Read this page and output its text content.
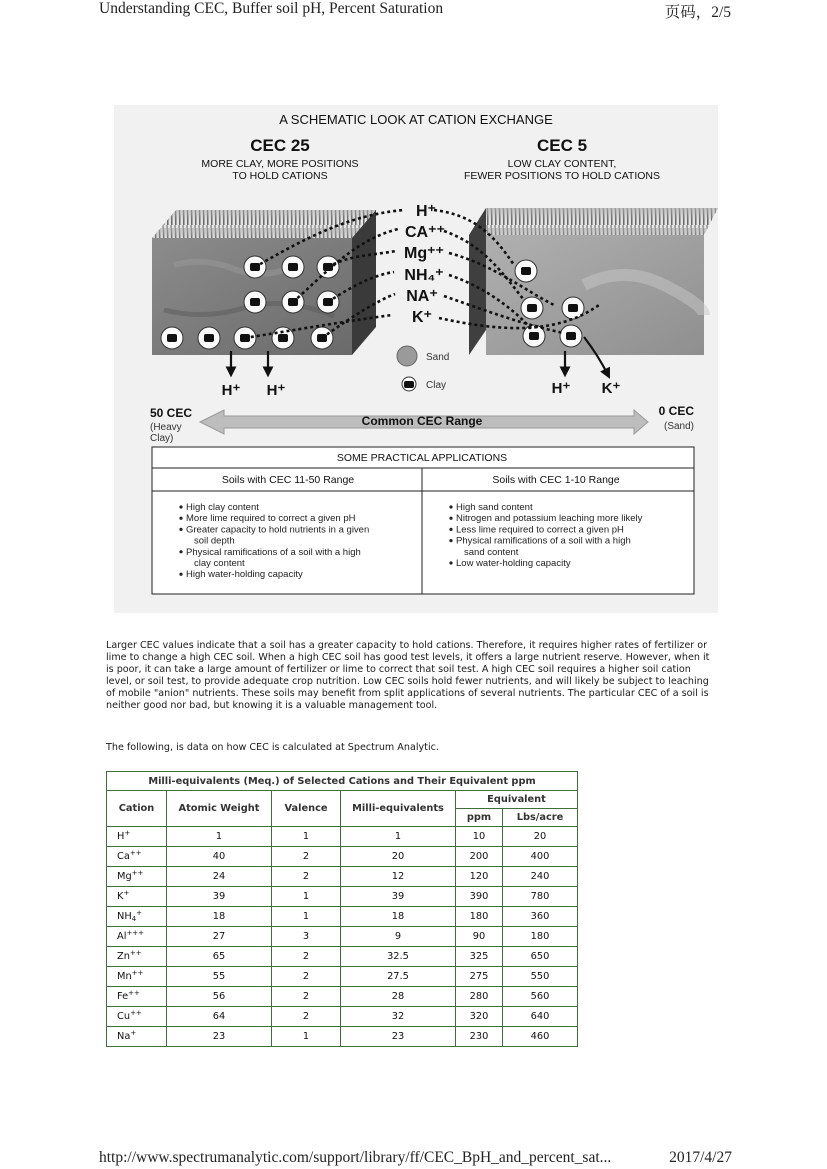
Understanding CEC, Buffer soil pH, Percent Saturation	页码，2/5
A SCHEMATIC LOOK AT CATION EXCHANGE
CEC 25
MORE CLAY, MORE POSITIONS
TO HOLD CATIONS
CEC 5
LOW CLAY CONTENT,
FEWER POSITIONS TO HOLD CATIONS
H⁺
CA⁺⁺
Mg⁺⁺
NH₄⁺
NA⁺
K⁺
H⁺ H⁺	H⁺ K⁺
Sand
Clay
50 CEC
(Heavy
Clay)
Common CEC Range
0 CEC
(Sand)
SOME PRACTICAL APPLICATIONS
Soils with CEC 11-50 Range	Soils with CEC 1-10 Range
High clay content
More lime required to correct a given pH
Greater capacity to hold nutrients in a given
soil depth
Physical ramifications of a soil with a high
clay content
High water-holding capacity
High sand content
Nitrogen and potassium leaching more likely
Less lime required to correct a given pH
Physical ramifications of a soil with a high
sand content
Low water-holding capacity

Larger CEC values indicate that a soil has a greater capacity to hold cations. Therefore, it requires higher rates of fertilizer or lime to change a high CEC soil. When a high CEC soil has good test levels, it offers a large nutrient reserve. However, when it is poor, it can take a large amount of fertilizer or lime to correct that soil test. A high CEC soil requires a higher soil cation level, or soil test, to provide adequate crop nutrition. Low CEC soils hold fewer nutrients, and will likely be subject to leaching of mobile "anion" nutrients. These soils may benefit from split applications of several nutrients. The particular CEC of a soil is neither good nor bad, but knowing it is a valuable management tool.

The following, is data on how CEC is calculated at Spectrum Analytic.

Milli-equivalents (Meq.) of Selected Cations and Their Equivalent ppm					
Cation	Atomic Weight	Valence	Milli-equivalents	Equivalent	
				ppm	Lbs/acre
H+	1	1	1	10	20
Ca++	40	2	20	200	400
Mg++	24	2	12	120	240
K+	39	1	39	390	780
$NH_4^+$	18	1	18	180	360
Al+++	27	3	9	90	180
Zn++	65	2	32.5	325	650
Mn++	55	2	27.5	275	550
Fe++	56	2	28	280	560
Cu++	64	2	32	320	640
Na+	23	1	23	230	460
http://www.spectrumanalytic.com/support/library/ff/CEC_BpH_and_percent_sat...	2017/4/27
